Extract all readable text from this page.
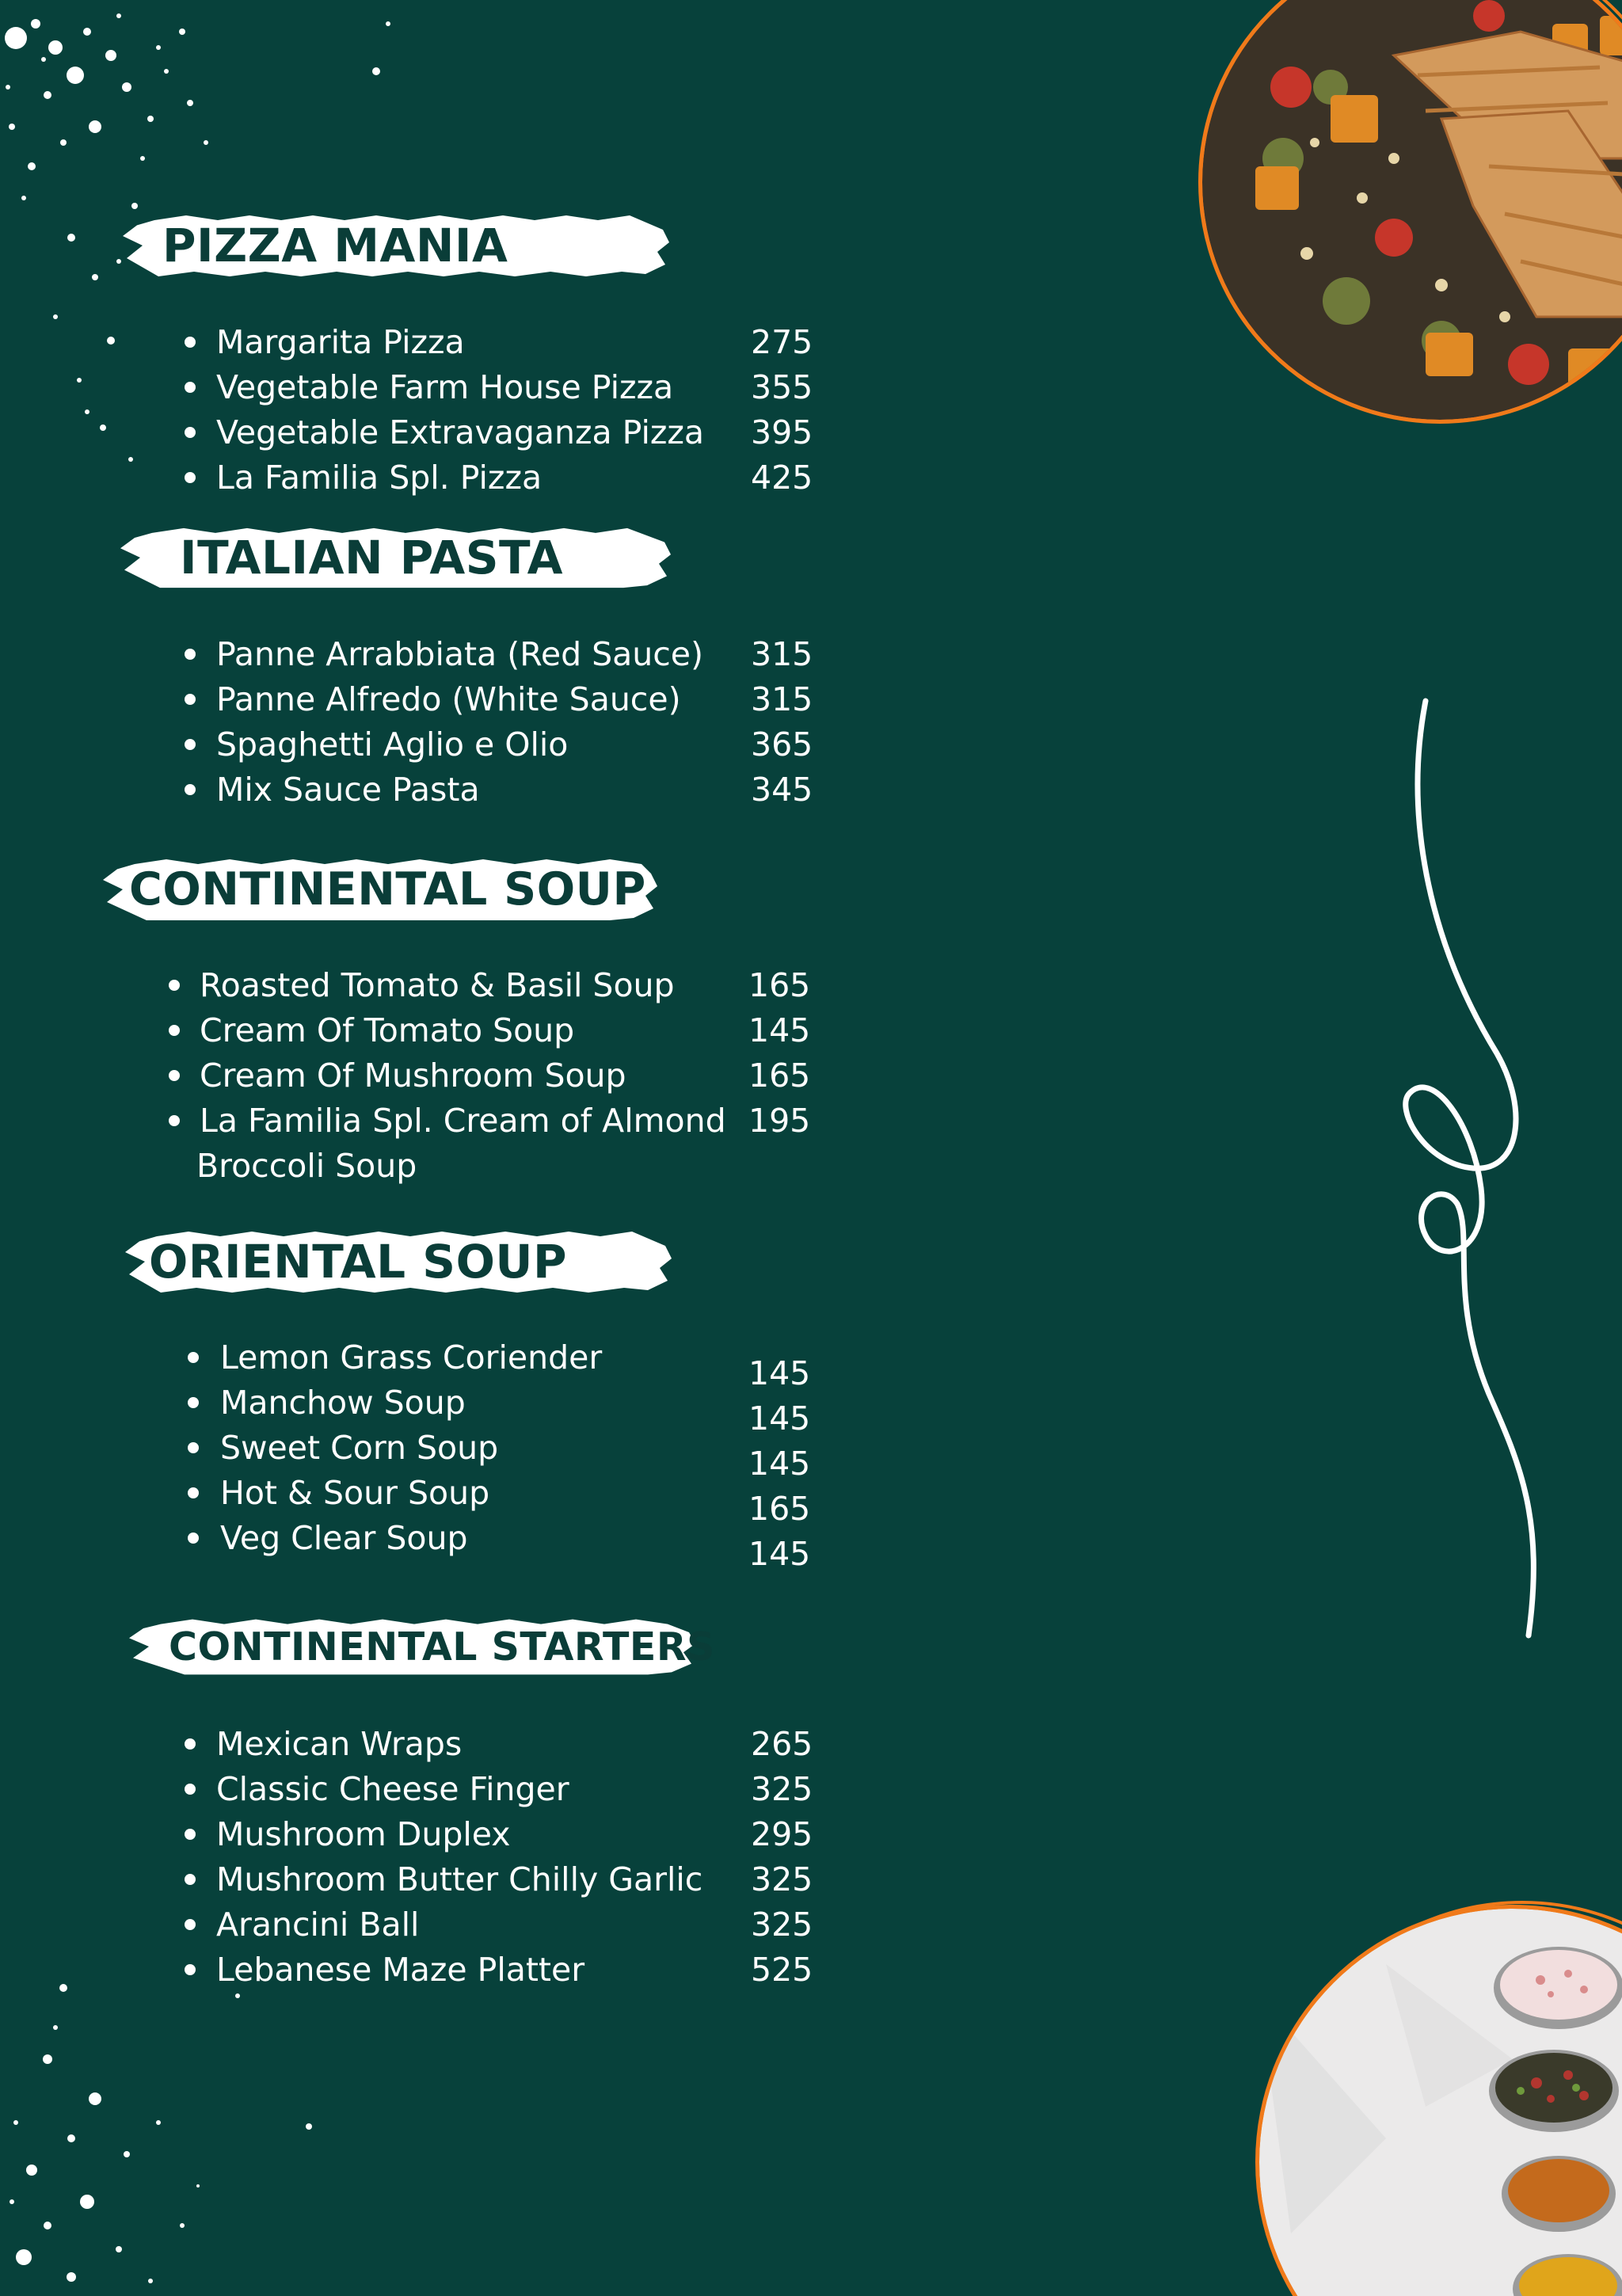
PIZZA MANIA
Margarita Pizza	275
Vegetable Farm House Pizza 355
Vegetable Extravaganza Pizza 395
La Familia Spl. Pizza	425
ITALIAN PASTA
Panne Arrabbiata (Red Sauce) 315
Panne Alfredo (White Sauce) 315
Spaghetti Aglio e Olio	365
Mix Sauce Pasta	345
CONTINENTAL SOUP
Roasted Tomato & Basil Soup 165
Cream Of Tomato Soup	145
Cream Of Mushroom Soup	165
La Familia Spl. Cream of Almond 195
Broccoli Soup
ORIENTAL SOUP
Lemon Grass Coriender	145
Manchow Soup	145
Sweet Corn Soup	145
Hot & Sour Soup	165
Veg Clear Soup	145
CONTINENTAL STARTERS
Mexican Wraps	265
Classic Cheese Finger	325
Mushroom Duplex	295
Mushroom Butter Chilly Garlic 325
Arancini Ball	325
Lebanese Maze Platter	525
